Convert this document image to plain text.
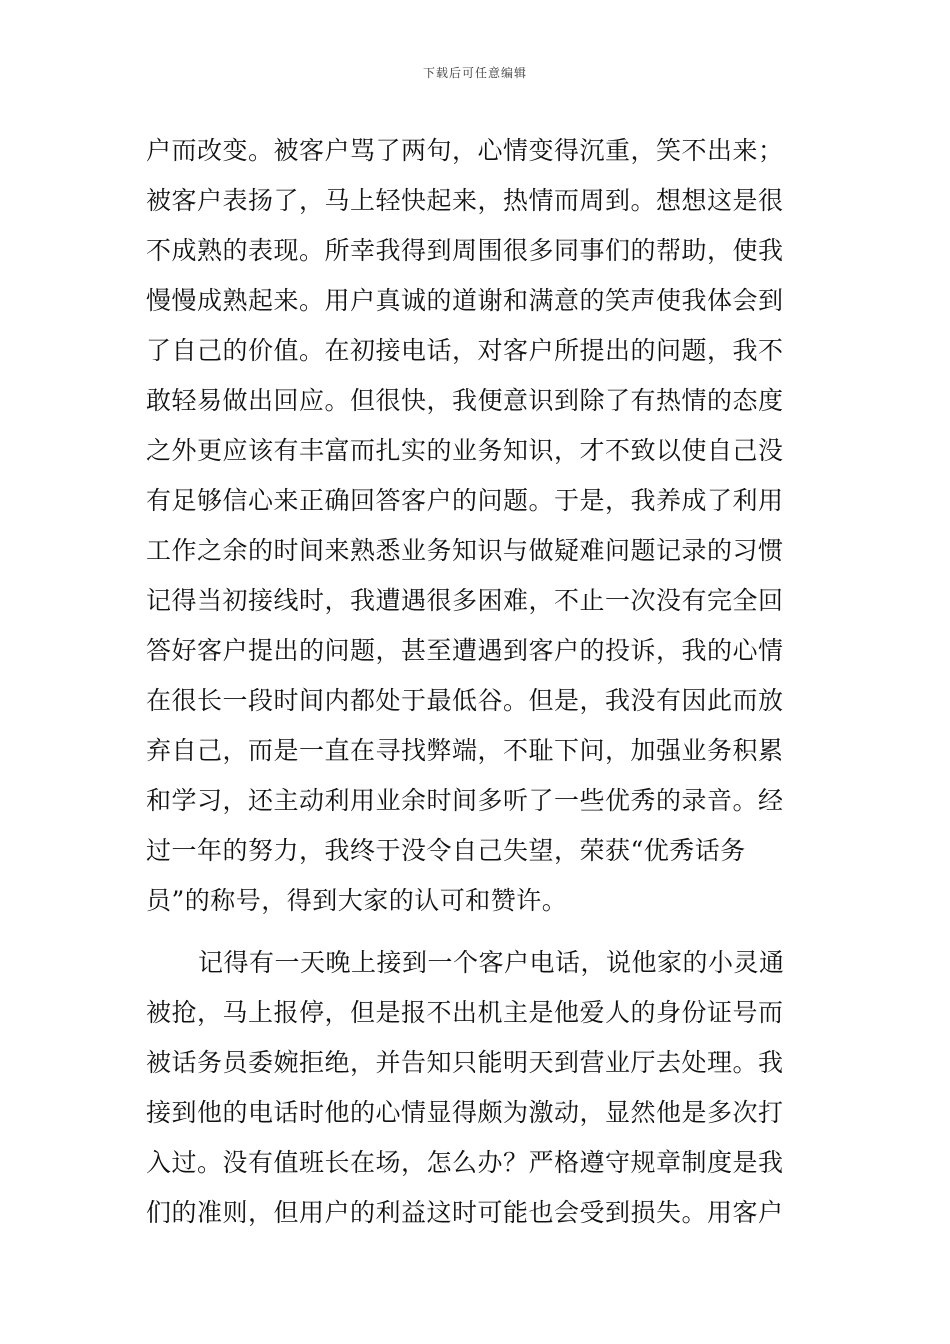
下载后可任意编辑
户而改变。被客户骂了两句，心情变得沉重，笑不出来；
被客户表扬了，马上轻快起来，热情而周到。想想这是很
不成熟的表现。所幸我得到周围很多同事们的帮助，使我
慢慢成熟起来。用户真诚的道谢和满意的笑声使我体会到
了自己的价值。在初接电话，对客户所提出的问题，我不
敢轻易做出回应。但很快，我便意识到除了有热情的态度
之外更应该有丰富而扎实的业务知识，才不致以使自己没
有足够信心来正确回答客户的问题。于是，我养成了利用
工作之余的时间来熟悉业务知识与做疑难问题记录的习惯
记得当初接线时，我遭遇很多困难，不止一次没有完全回
答好客户提出的问题，甚至遭遇到客户的投诉，我的心情
在很长一段时间内都处于最低谷。但是，我没有因此而放
弃自己，而是一直在寻找弊端，不耻下问，加强业务积累
和学习，还主动利用业余时间多听了一些优秀的录音。经
过一年的努力，我终于没令自己失望，荣获“优秀话务
员”的称号，得到大家的认可和赞许。
记得有一天晚上接到一个客户电话，说他家的小灵通
被抢，马上报停，但是报不出机主是他爱人的身份证号而
被话务员委婉拒绝，并告知只能明天到营业厅去处理。我
接到他的电话时他的心情显得颇为激动，显然他是多次打
入过。没有值班长在场，怎么办？严格遵守规章制度是我
们的准则，但用户的利益这时可能也会受到损失。用客户
